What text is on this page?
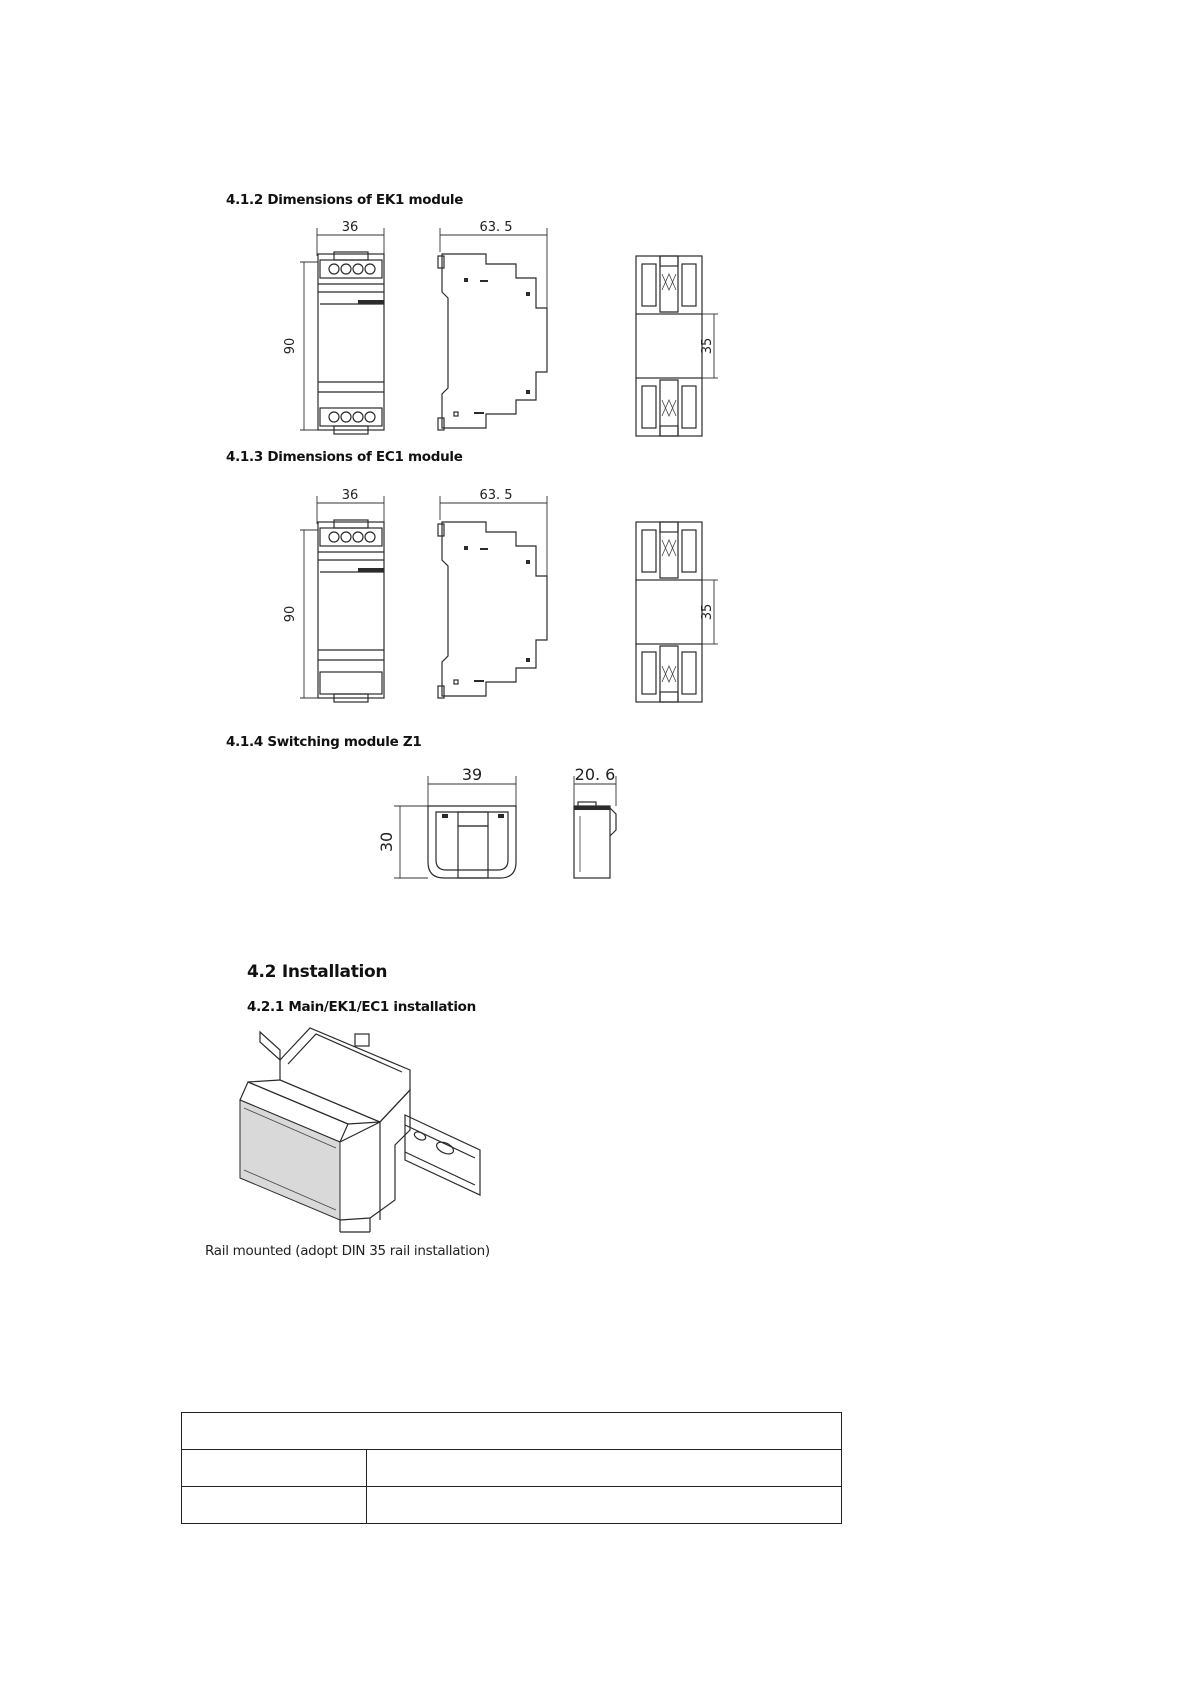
4.1.2 Dimensions of EK1 module
36
90
63. 5
35
4.1.3 Dimensions of EC1 module
36
90
63. 5
35
4.1.4 Switching module Z1
39
30
20. 6
4.2 Installation
4.2.1 Main/EK1/EC1 installation
Rail mounted (adopt DIN 35 rail installation)
